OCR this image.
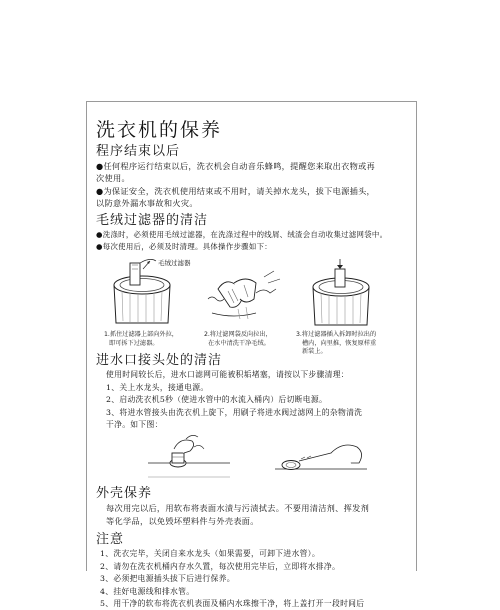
洗衣机的保养
程序结束以后
●任何程序运行结束以后，洗衣机会自动音乐蜂鸣，提醒您来取出衣物或再
次使用。
●为保证安全，洗衣机使用结束或不用时，请关掉水龙头，拔下电源插头，
以防意外漏水事故和火灾。
毛绒过滤器的清洁
●洗涤时，必须使用毛绒过滤器，在洗涤过程中的线屑、绒渣会自动收集过滤网袋中。
●每次使用后，必须及时清理。具体操作步骤如下：
毛绒过滤器
1.抓住过滤器上部向外拉，
即可拆下过滤器。
2.将过滤网袋反向拉出，
在水中清洗干净毛绒。
3.将过滤器插入拆卸时拉出的
槽内，向里推，恢复原样重
新装上。
进水口接头处的清洁
使用时间较长后，进水口滤网可能被积垢堵塞，请按以下步骤清理：
1、关上水龙头，接通电源。
2、启动洗衣机5秒（使进水管中的水流入桶内）后切断电源。
3、将进水管接头由洗衣机上旋下，用刷子将进水阀过滤网上的杂物清洗
干净。如下图：
外壳保养
每次用完以后，用软布将表面水渍与污渍拭去。不要用清洁剂、挥发剂
等化学品，以免毁坏塑料件与外壳表面。
注意
1、洗衣完毕，关闭自来水龙头（如果需要，可卸下进水管）。
2、请勿在洗衣机桶内存水久置，每次使用完毕后，立即将水排净。
3、必须把电源插头拔下后进行保养。
4、挂好电源线和排水管。
5、用干净的软布将洗衣机表面及桶内水珠擦干净，将上盖打开一段时间后
